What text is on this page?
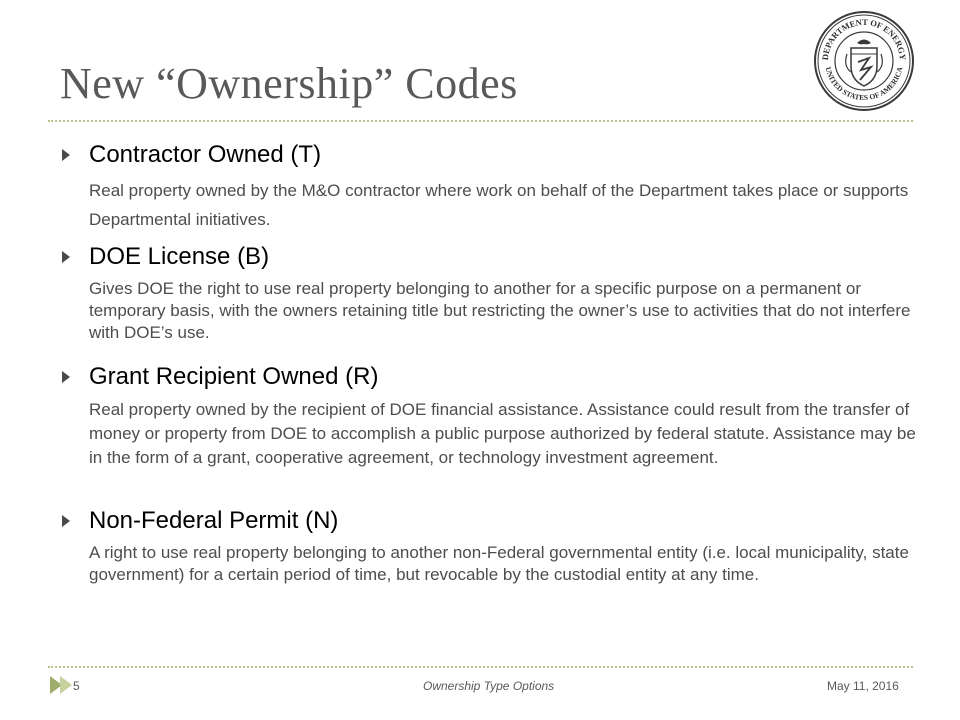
New “Ownership” Codes
DEPARTMENT OF ENERGY
UNITED STATES OF AMERICA
Contractor Owned (T)
Real property owned by the M&O contractor where work on behalf of the Department takes place or supports Departmental initiatives.
DOE License (B)
Gives DOE the right to use real property belonging to another for a specific purpose on a permanent or temporary basis, with the owners retaining title but restricting the owner’s use to activities that do not interfere with DOE’s use.
Grant Recipient Owned (R)
Real property owned by the recipient of DOE financial assistance. Assistance could result from the transfer of money or property from DOE to accomplish a public purpose authorized by federal statute. Assistance may be in the form of a grant, cooperative agreement, or technology investment agreement.
Non-Federal Permit (N)
A right to use real property belonging to another non-Federal governmental entity (i.e. local municipality, state government) for a certain period of time, but revocable by the custodial entity at any time.
5	Ownership Type Options	May 11, 2016
